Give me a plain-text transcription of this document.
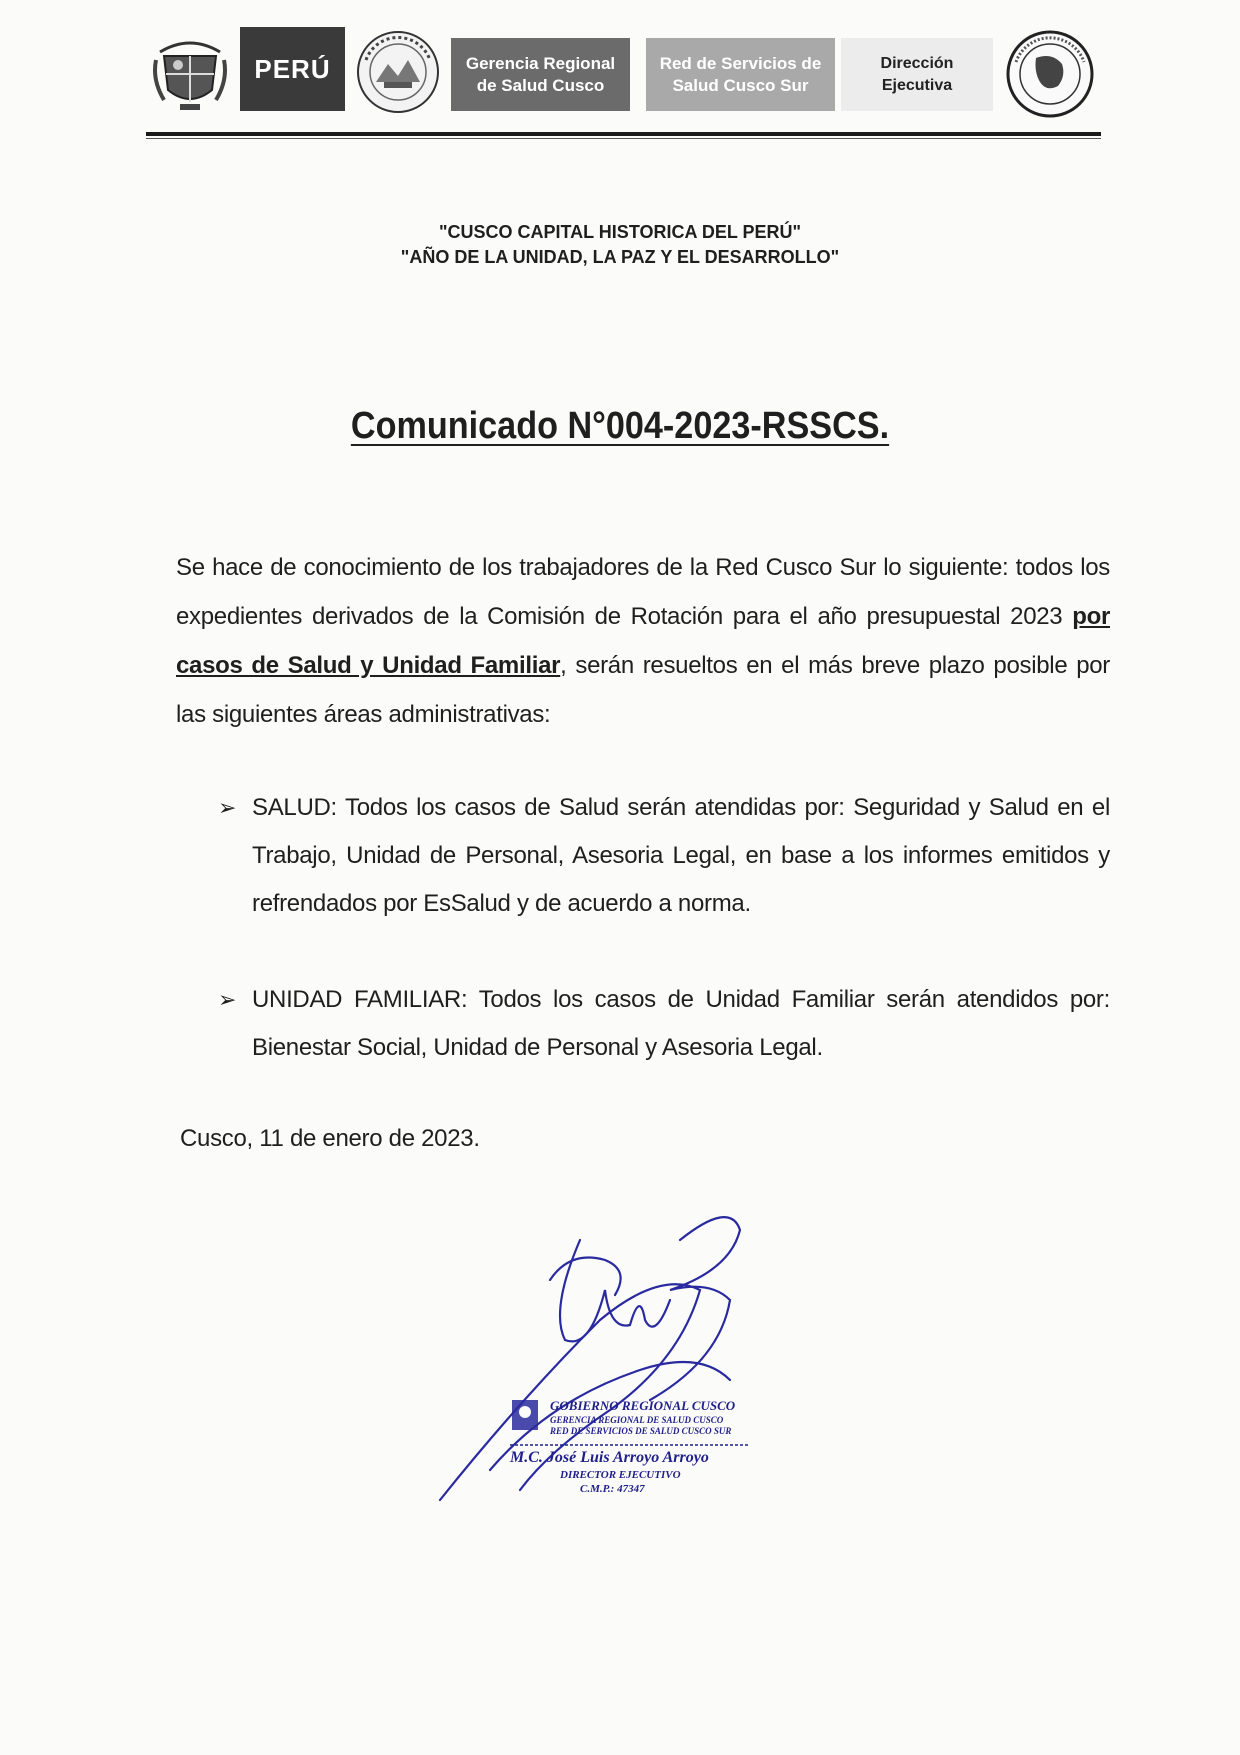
PERÚ	Gerencia Regional
de Salud Cusco
Red de Servicios de
Salud Cusco Sur
Dirección
Ejecutiva
"CUSCO CAPITAL HISTORICA DEL PERÚ"
"AÑO DE LA UNIDAD, LA PAZ Y EL DESARROLLO"
Comunicado N°004-2023-RSSCS.
Se hace de conocimiento de los trabajadores de la Red Cusco Sur lo siguiente: todos los expedientes derivados de la Comisión de Rotación para el año presupuestal 2023 por casos de Salud y Unidad Familiar, serán resueltos en el más breve plazo posible por las siguientes áreas administrativas:
➢ SALUD: Todos los casos de Salud serán atendidas por: Seguridad y Salud en el Trabajo, Unidad de Personal, Asesoria Legal, en base a los informes emitidos y refrendados por EsSalud y de acuerdo a norma.
➢ UNIDAD FAMILIAR: Todos los casos de Unidad Familiar serán atendidos por: Bienestar Social, Unidad de Personal y Asesoria Legal.
Cusco, 11 de enero de 2023.
GOBIERNO REGIONAL CUSCO
GERENCIA REGIONAL DE SALUD CUSCO
RED DE SERVICIOS DE SALUD CUSCO SUR
M.C. José Luis Arroyo Arroyo
DIRECTOR EJECUTIVO
C.M.P.: 47347
